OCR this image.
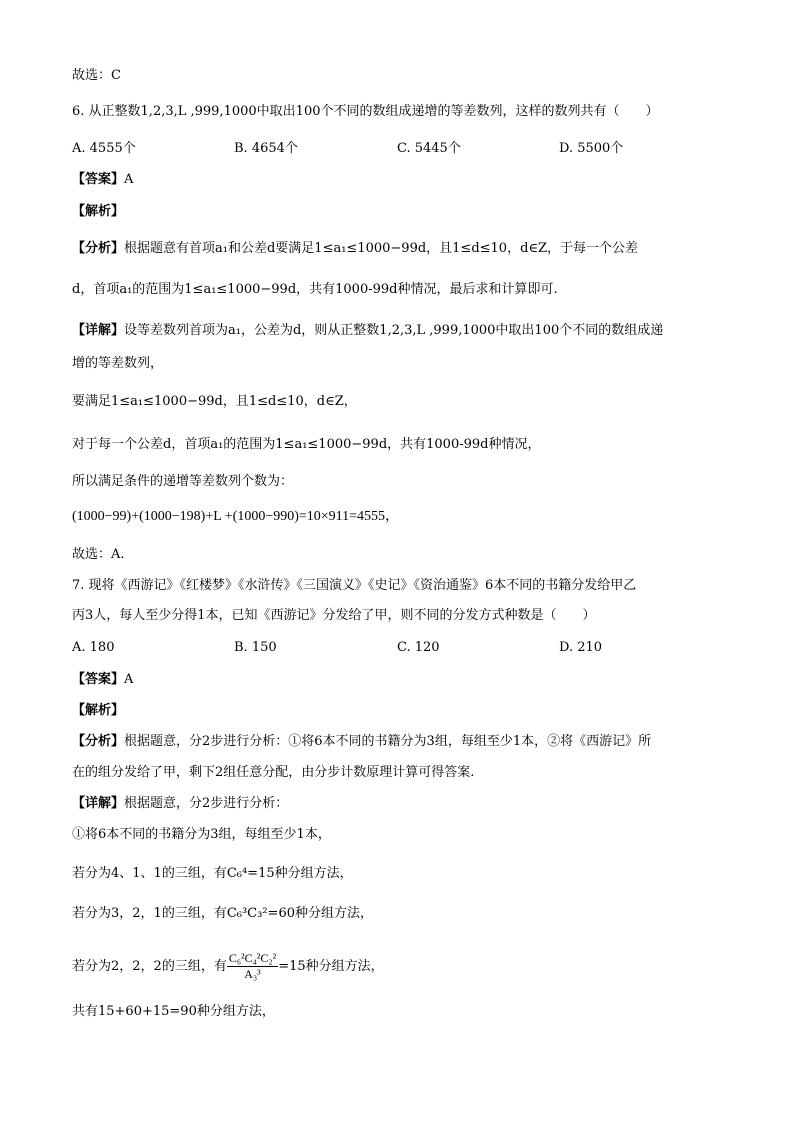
故选：C
6. 从正整数1,2,3,L ,999,1000中取出100个不同的数组成递增的等差数列，这样的数列共有（　　）
A. 4555个	B. 4654个	C. 5445个	D. 5500个
【答案】A
【解析】
【分析】根据题意有首项a₁和公差d要满足1≤a₁≤1000−99d，且1≤d≤10，d∈Z，于每一个公差
d，首项a₁的范围为1≤a₁≤1000−99d，共有1000-99d种情况，最后求和计算即可.
【详解】设等差数列首项为a₁，公差为d，则从正整数1,2,3,L ,999,1000中取出100个不同的数组成递
增的等差数列，
要满足1≤a₁≤1000−99d，且1≤d≤10，d∈Z，
对于每一个公差d，首项a₁的范围为1≤a₁≤1000−99d，共有1000-99d种情况，
所以满足条件的递增等差数列个数为：
(1000−99)+(1000−198)+L +(1000−990)=10×911=4555，
故选：A.
7. 现将《西游记》《红楼梦》《水浒传》《三国演义》《史记》《资治通鉴》6本不同的书籍分发给甲乙
丙3人，每人至少分得1本，已知《西游记》分发给了甲，则不同的分发方式种数是（　　）
A. 180	B. 150	C. 120	D. 210
【答案】A
【解析】
【分析】根据题意，分2步进行分析：①将6本不同的书籍分为3组，每组至少1本，②将《西游记》所
在的组分发给了甲，剩下2组任意分配，由分步计数原理计算可得答案.
【详解】根据题意，分2步进行分析：
①将6本不同的书籍分为3组，每组至少1本，
若分为4、1、1的三组，有C₆⁴=15种分组方法，
若分为3，2，1的三组，有C₆³C₃²=60种分组方法，
若分为2，2，2的三组，有 $\frac{\text{C₆²C₄²C₂²}}{\text{A₃³}} =15$种分组方法，
共有15+60+15=90种分组方法，
